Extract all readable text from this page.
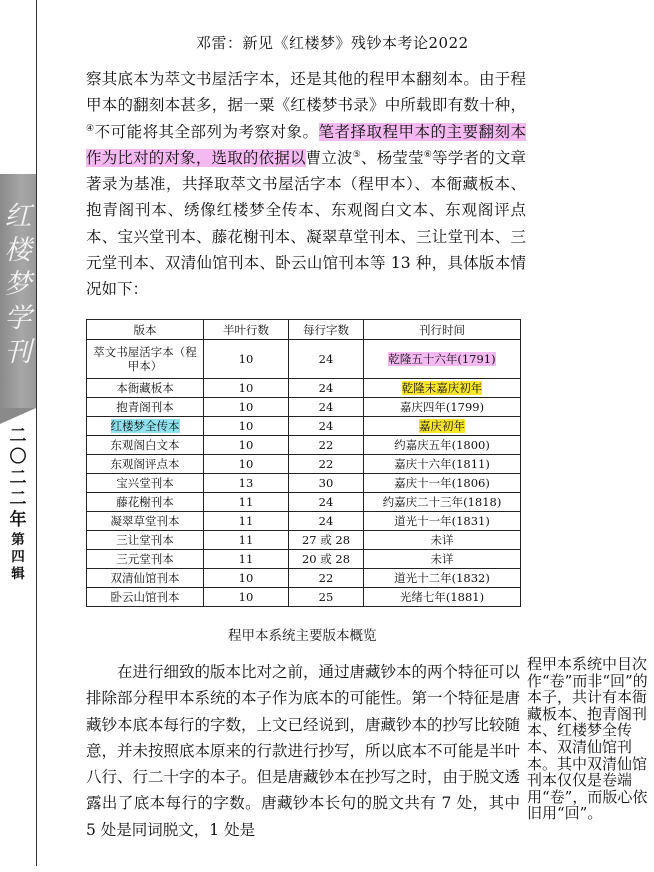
邓雷：新见《红楼梦》残钞本考论2022
红
楼
梦
学
刊
二
〇
二
二
年
第
四
辑

察其底本为萃文书屋活字本，还是其他的程甲本翻刻本。由于程甲本的翻刻本甚多，据一粟《红楼梦书录》中所载即有数十种，④不可能将其全部列为考察对象。笔者择取程甲本的主要翻刻本作为比对的对象，选取的依据以曹立波⑤、杨莹莹⑥等学者的文章著录为基准，共择取萃文书屋活字本（程甲本）、本衙藏板本、抱青阁刊本、绣像红楼梦全传本、东观阁白文本、东观阁评点本、宝兴堂刊本、藤花榭刊本、凝翠草堂刊本、三让堂刊本、三元堂刊本、双清仙馆刊本、卧云山馆刊本等 13 种，具体版本情况如下：

版本	半叶行数	每行字数	刊行时间
萃文书屋活字本（程甲本）	10	24	乾隆五十六年(1791)
本衙藏板本	10	24	乾隆末嘉庆初年
抱青阁刊本	10	24	嘉庆四年(1799)
红楼梦全传本	10	24	嘉庆初年
东观阁白文本	10	22	约嘉庆五年(1800)
东观阁评点本	10	22	嘉庆十六年(1811)
宝兴堂刊本	13	30	嘉庆十一年(1806)
藤花榭刊本	11	24	约嘉庆二十三年(1818)
凝翠草堂刊本	11	24	道光十一年(1831)
三让堂刊本	11	27 或 28	未详
三元堂刊本	11	20 或 28	未详
双清仙馆刊本	10	22	道光十二年(1832)
卧云山馆刊本	10	25	光绪七年(1881)
程甲本系统主要版本概览

在进行细致的版本比对之前，通过唐藏钞本的两个特征可以排除部分程甲本系统的本子作为底本的可能性。第一个特征是唐藏钞本底本每行的字数，上文已经说到，唐藏钞本的抄写比较随意，并未按照底本原来的行款进行抄写，所以底本不可能是半叶八行、行二十字的本子。但是唐藏钞本在抄写之时，由于脱文透露出了底本每行的字数。唐藏钞本长句的脱文共有 7 处，其中 5 处是同词脱文，1 处是

程甲本系统中目次作“卷”而非“回”的本子，共计有本衙藏板本、抱青阁刊本、红楼梦全传本、双清仙馆刊本。其中双清仙馆刊本仅仅是卷端用“卷”，而版心依旧用“回”。
